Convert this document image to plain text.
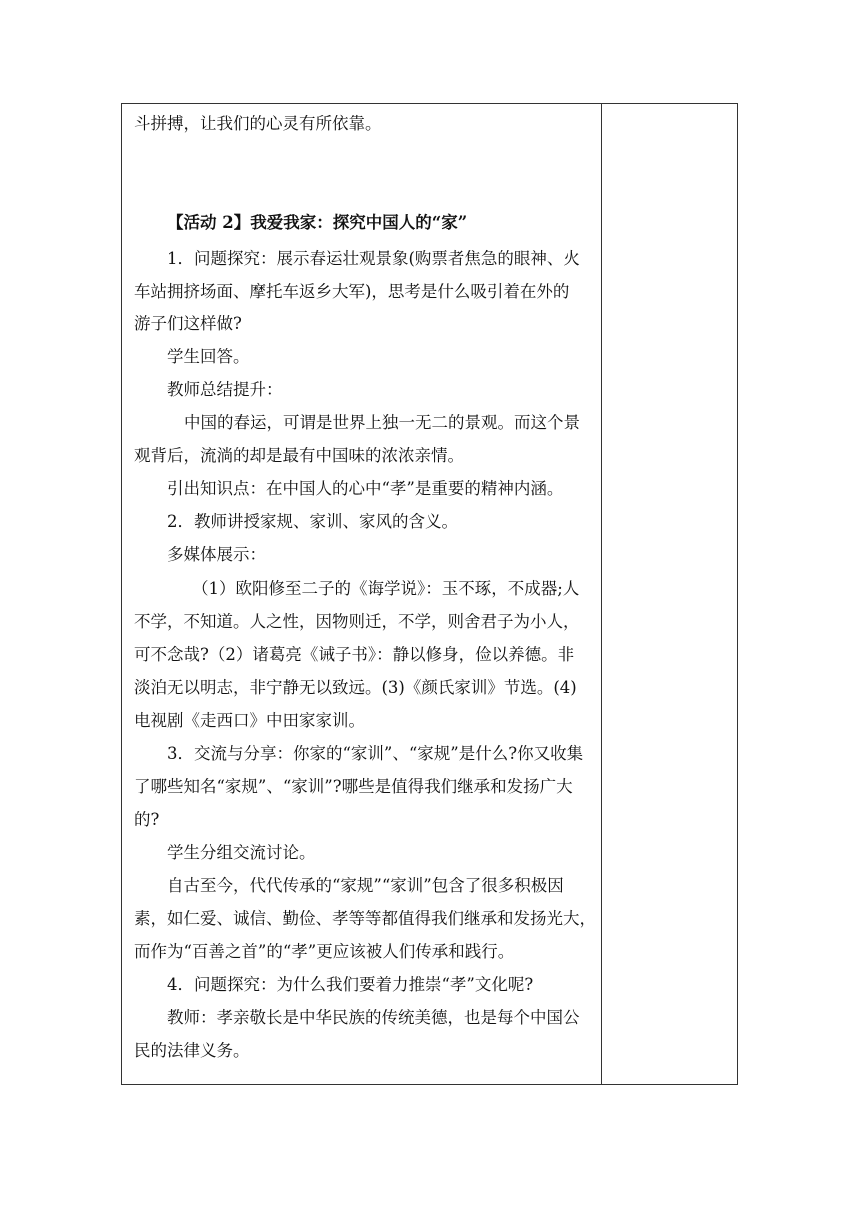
斗拼搏，让我们的心灵有所依靠。
【活动 2】我爱我家：探究中国人的“家”
1．问题探究：展示春运壮观景象(购票者焦急的眼神、火
车站拥挤场面、摩托车返乡大军)，思考是什么吸引着在外的
游子们这样做?
学生回答。
教师总结提升：
中国的春运，可谓是世界上独一无二的景观。而这个景
观背后，流淌的却是最有中国味的浓浓亲情。
引出知识点：在中国人的心中“孝”是重要的精神内涵。
2．教师讲授家规、家训、家风的含义。
多媒体展示：
（1）欧阳修至二子的《诲学说》：玉不琢，不成器;人
不学，不知道。人之性，因物则迁，不学，则舍君子为小人，
可不念哉?（2）诸葛亮《诫子书》：静以修身，俭以养德。非
淡泊无以明志，非宁静无以致远。(3)《颜氏家训》节选。(4)
电视剧《走西口》中田家家训。
3．交流与分享：你家的“家训”、“家规”是什么?你又收集
了哪些知名“家规”、“家训”?哪些是值得我们继承和发扬广大
的?
学生分组交流讨论。
自古至今，代代传承的“家规”“家训”包含了很多积极因
素，如仁爱、诚信、勤俭、孝等等都值得我们继承和发扬光大，
而作为“百善之首”的“孝”更应该被人们传承和践行。
4．问题探究：为什么我们要着力推崇“孝”文化呢?
教师：孝亲敬长是中华民族的传统美德，也是每个中国公
民的法律义务。
